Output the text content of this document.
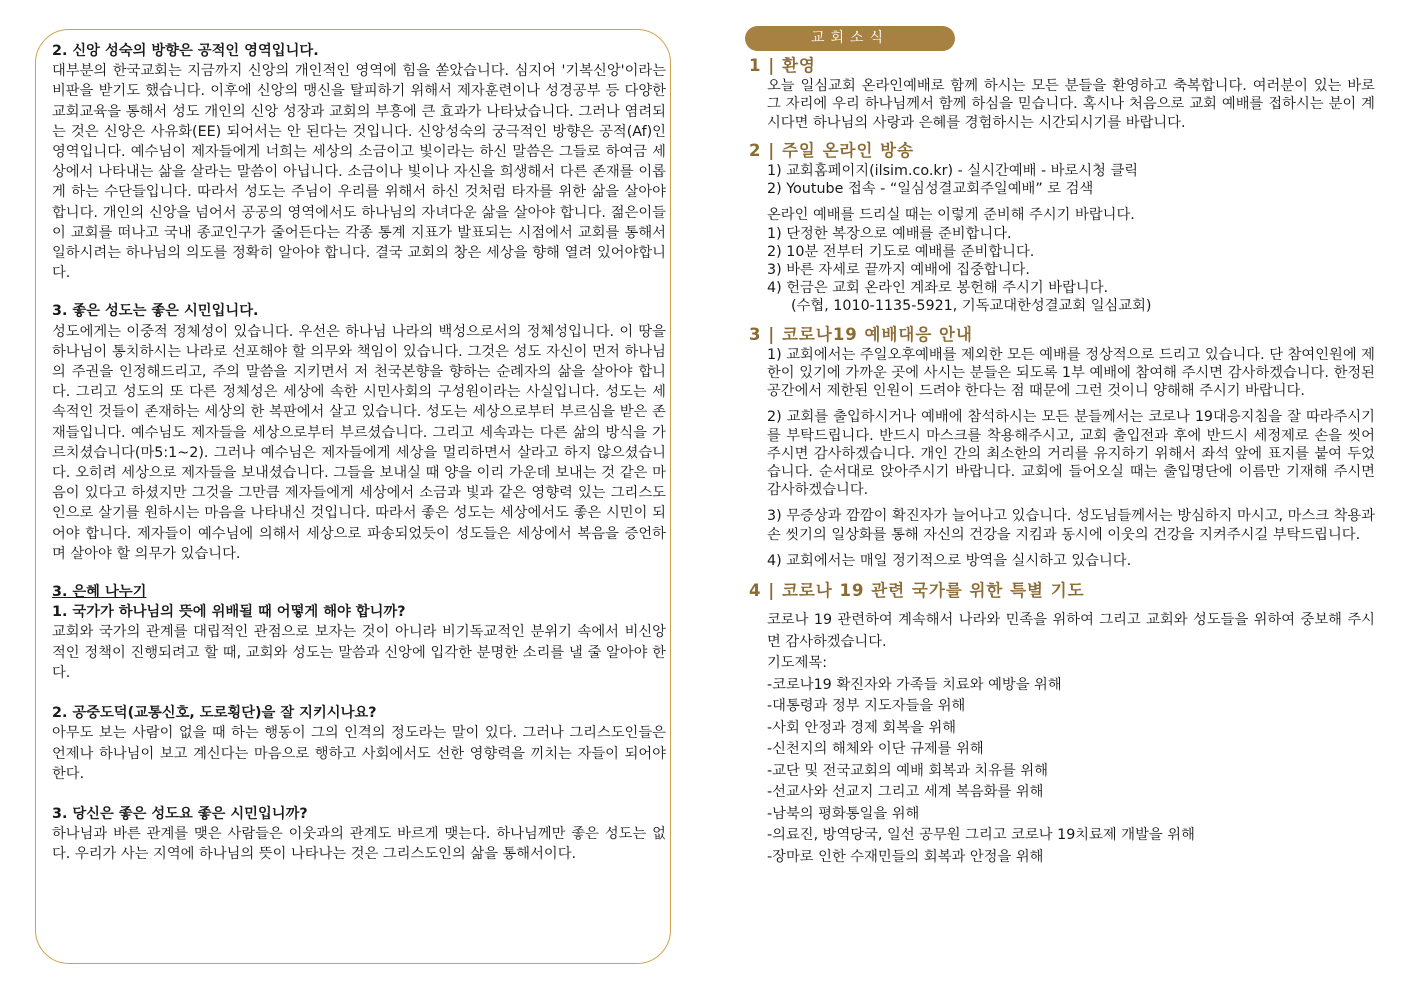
2. 신앙 성숙의 방향은 공적인 영역입니다.

대부분의 한국교회는 지금까지 신앙의 개인적인 영역에 힘을 쏟았습니다. 심지어 '기복신앙'이라는 비판을 받기도 했습니다. 이후에 신앙의 맹신을 탈피하기 위해서 제자훈련이나 성경공부 등 다양한 교회교육을 통해서 성도 개인의 신앙 성장과 교회의 부흥에 큰 효과가 나타났습니다. 그러나 염려되는 것은 신앙은 사유화(EE) 되어서는 안 된다는 것입니다. 신앙성숙의 궁극적인 방향은 공적(Af)인 영역입니다. 예수님이 제자들에게 너희는 세상의 소금이고 빛이라는 하신 말씀은 그들로 하여금 세상에서 나타내는 삶을 살라는 말씀이 아닙니다. 소금이나 빛이나 자신을 희생해서 다른 존재를 이롭게 하는 수단들입니다. 따라서 성도는 주님이 우리를 위해서 하신 것처럼 타자를 위한 삶을 살아야 합니다. 개인의 신앙을 넘어서 공공의 영역에서도 하나님의 자녀다운 삶을 살아야 합니다. 젊은이들이 교회를 떠나고 국내 종교인구가 줄어든다는 각종 통계 지표가 발표되는 시점에서 교회를 통해서 일하시려는 하나님의 의도를 정확히 알아야 합니다. 결국 교회의 창은 세상을 향해 열려 있어야합니다.

3. 좋은 성도는 좋은 시민입니다.

성도에게는 이중적 정체성이 있습니다. 우선은 하나님 나라의 백성으로서의 정체성입니다. 이 땅을 하나님이 통치하시는 나라로 선포해야 할 의무와 책임이 있습니다. 그것은 성도 자신이 먼저 하나님의 주권을 인정해드리고, 주의 말씀을 지키면서 저 천국본향을 향하는 순례자의 삶을 살아야 합니다. 그리고 성도의 또 다른 정체성은 세상에 속한 시민사회의 구성원이라는 사실입니다. 성도는 세속적인 것들이 존재하는 세상의 한 복판에서 살고 있습니다. 성도는 세상으로부터 부르심을 받은 존재들입니다. 예수님도 제자들을 세상으로부터 부르셨습니다. 그리고 세속과는 다른 삶의 방식을 가르치셨습니다(마5:1~2). 그러나 예수님은 제자들에게 세상을 멀리하면서 살라고 하지 않으셨습니다. 오히려 세상으로 제자들을 보내셨습니다. 그들을 보내실 때 양을 이리 가운데 보내는 것 같은 마음이 있다고 하셨지만 그것을 그만큼 제자들에게 세상에서 소금과 빛과 같은 영향력 있는 그리스도인으로 살기를 원하시는 마음을 나타내신 것입니다. 따라서 좋은 성도는 세상에서도 좋은 시민이 되어야 합니다. 제자들이 예수님에 의해서 세상으로 파송되었듯이 성도들은 세상에서 복음을 증언하며 살아야 할 의무가 있습니다.

3. 은혜 나누기

1. 국가가 하나님의 뜻에 위배될 때 어떻게 해야 합니까?

교회와 국가의 관계를 대립적인 관점으로 보자는 것이 아니라 비기독교적인 분위기 속에서 비신앙적인 정책이 진행되려고 할 때, 교회와 성도는 말씀과 신앙에 입각한 분명한 소리를 낼 줄 알아야 한다.

2. 공중도덕(교통신호, 도로횡단)을 잘 지키시나요?

아무도 보는 사람이 없을 때 하는 행동이 그의 인격의 정도라는 말이 있다. 그러나 그리스도인들은 언제나 하나님이 보고 계신다는 마음으로 행하고 사회에서도 선한 영향력을 끼치는 자들이 되어야 한다.

3. 당신은 좋은 성도요 좋은 시민입니까?

하나님과 바른 관계를 맺은 사람들은 이웃과의 관계도 바르게 맺는다. 하나님께만 좋은 성도는 없다. 우리가 사는 지역에 하나님의 뜻이 나타나는 것은 그리스도인의 삶을 통해서이다.

교회소식
1 | 환영

오늘 일심교회 온라인예배로 함께 하시는 모든 분들을 환영하고 축복합니다. 여러분이 있는 바로 그 자리에 우리 하나님께서 함께 하심을 믿습니다. 혹시나 처음으로 교회 예배를 접하시는 분이 계시다면 하나님의 사랑과 은혜를 경험하시는 시간되시기를 바랍니다.

2 | 주일 온라인 방송

1) 교회홈페이지(ilsim.co.kr) - 실시간예배 - 바로시청 클릭

2) Youtube 접속 - “일심성결교회주일예배” 로 검색

온라인 예배를 드리실 때는 이렇게 준비해 주시기 바랍니다.

1) 단정한 복장으로 예배를 준비합니다.

2) 10분 전부터 기도로 예배를 준비합니다.

3) 바른 자세로 끝까지 예배에 집중합니다.

4) 헌금은 교회 온라인 계좌로 봉헌해 주시기 바랍니다.

(수협, 1010-1135-5921, 기독교대한성결교회 일심교회)

3 | 코로나19 예배대응 안내

1) 교회에서는 주일오후예배를 제외한 모든 예배를 정상적으로 드리고 있습니다. 단 참여인원에 제한이 있기에 가까운 곳에 사시는 분들은 되도록 1부 예배에 참여해 주시면 감사하겠습니다. 한정된 공간에서 제한된 인원이 드려야 한다는 점 때문에 그런 것이니 양해해 주시기 바랍니다.

2) 교회를 출입하시거나 예배에 참석하시는 모든 분들께서는 코로나 19대응지침을 잘 따라주시기를 부탁드립니다. 반드시 마스크를 착용해주시고, 교회 출입전과 후에 반드시 세정제로 손을 씻어주시면 감사하겠습니다. 개인 간의 최소한의 거리를 유지하기 위해서 좌석 앞에 표지를 붙여 두었습니다. 순서대로 앉아주시기 바랍니다. 교회에 들어오실 때는 출입명단에 이름만 기재해 주시면 감사하겠습니다.

3) 무증상과 깜깜이 확진자가 늘어나고 있습니다. 성도님들께서는 방심하지 마시고, 마스크 착용과 손 씻기의 일상화를 통해 자신의 건강을 지킴과 동시에 이웃의 건강을 지켜주시길 부탁드립니다.

4) 교회에서는 매일 정기적으로 방역을 실시하고 있습니다.

4 | 코로나 19 관련 국가를 위한 특별 기도

코로나 19 관련하여 계속해서 나라와 민족을 위하여 그리고 교회와 성도들을 위하여 중보해 주시면 감사하겠습니다.

기도제목:

-코로나19 확진자와 가족들 치료와 예방을 위해

-대통령과 정부 지도자들을 위해

-사회 안정과 경제 회복을 위해

-신천지의 해체와 이단 규제를 위해

-교단 및 전국교회의 예배 회복과 치유를 위해

-선교사와 선교지 그리고 세계 복음화를 위해

-남북의 평화통일을 위해

-의료진, 방역당국, 일선 공무원 그리고 코로나 19치료제 개발을 위해

-장마로 인한 수재민들의 회복과 안정을 위해
